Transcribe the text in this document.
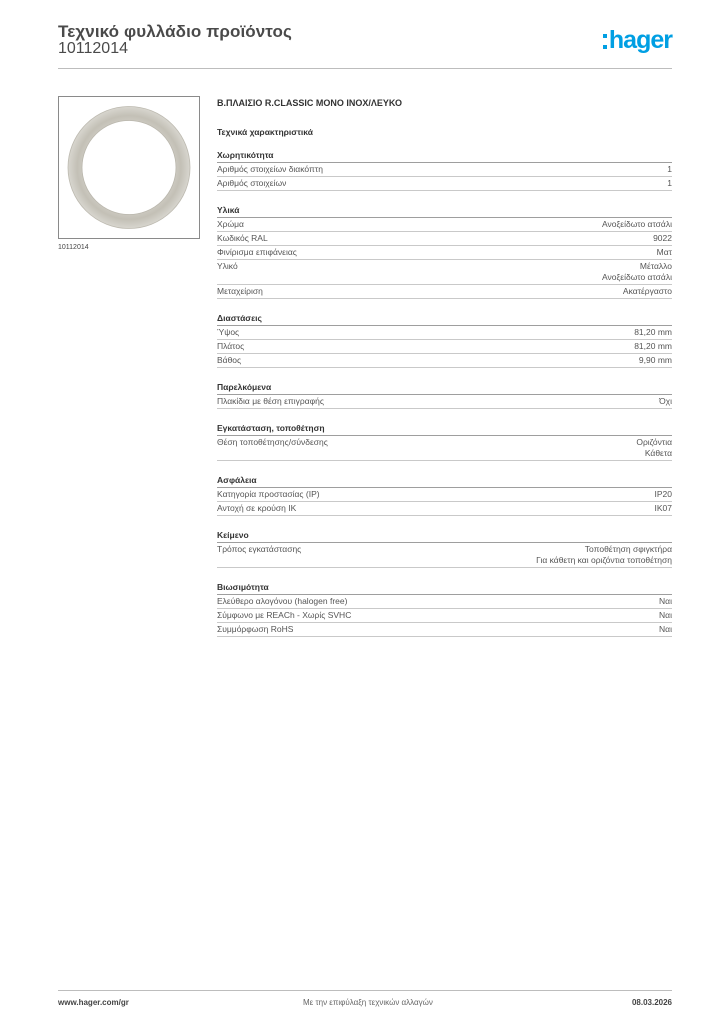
Τεχνικό φυλλάδιο προϊόντος
10112014	hager
10112014
Β.ΠΛΑΙΣΙΟ R.CLASSIC MONO INOX/ΛΕΥΚΟ
Τεχνικά χαρακτηριστικά
Χωρητικότητα
Αριθμός στοιχείων διακόπτη	1
Αριθμός στοιχείων	1
Υλικά
Χρώμα	Ανοξείδωτο ατσάλι
Κωδικός RAL	9022
Φινίρισμα επιφάνειας	Ματ
Υλικό	Μέταλλο
Ανοξείδωτο ατσάλι
Μεταχείριση	Ακατέργαστο
Διαστάσεις
Ύψος	81,20 mm
Πλάτος	81,20 mm
Βάθος	9,90 mm
Παρελκόμενα
Πλακίδια με θέση επιγραφής	Όχι
Εγκατάσταση, τοποθέτηση
Θέση τοποθέτησης/σύνδεσης	Οριζόντια
Κάθετα
Ασφάλεια
Κατηγορία προστασίας (IP)	IP20
Αντοχή σε κρούση IK	IK07
Κείμενο
Τρόπος εγκατάστασης	Τοποθέτηση σφιγκτήρα
Για κάθετη και οριζόντια τοποθέτηση
Βιωσιμότητα
Ελεύθερο αλογόνου (halogen free)	Ναι
Σύμφωνο με REACh - Χωρίς SVHC	Ναι
Συμμόρφωση RoHS	Ναι
www.hager.com/gr	Με την επιφύλαξη τεχνικών αλλαγών	08.03.2026
